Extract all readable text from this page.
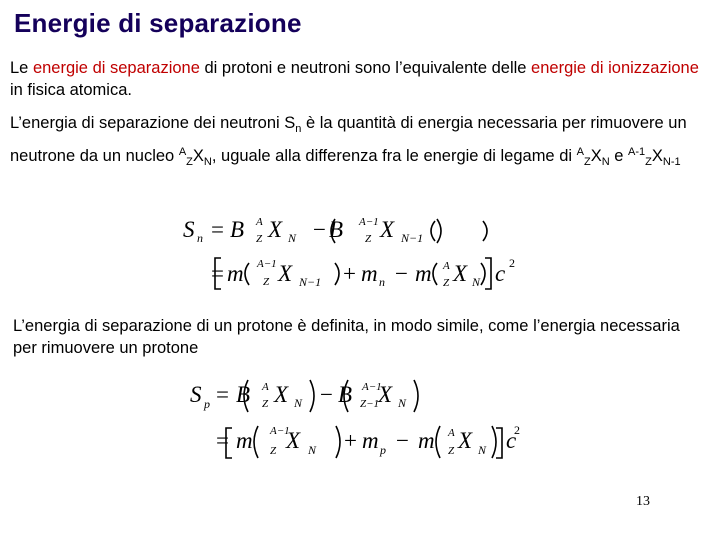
Energie di separazione
Le energie di separazione di protoni e neutroni sono l’equivalente delle energie di ionizzazione in fisica atomica.
L’energia di separazione dei neutroni $S_n$ è la quantità di energia necessaria per rimuovere un neutrone da un nucleo $^A_ZX_N$, uguale alla differenza fra le energie di legame di $^A_ZX_N$ e $^{A-1}_ZX_{N-1}$
S n = B A
Z X N − B A−1
Z X N−1
= m A−1
Z X N−1 + m n − m A
Z X N c 2
L’energia di separazione di un protone è definita, in modo simile, come l’energia necessaria per rimuovere un protone
S p = B A
Z X N − B A−1
Z−1
X N
= m A−1
Z X N + m p − m A
Z X N c
2
13
